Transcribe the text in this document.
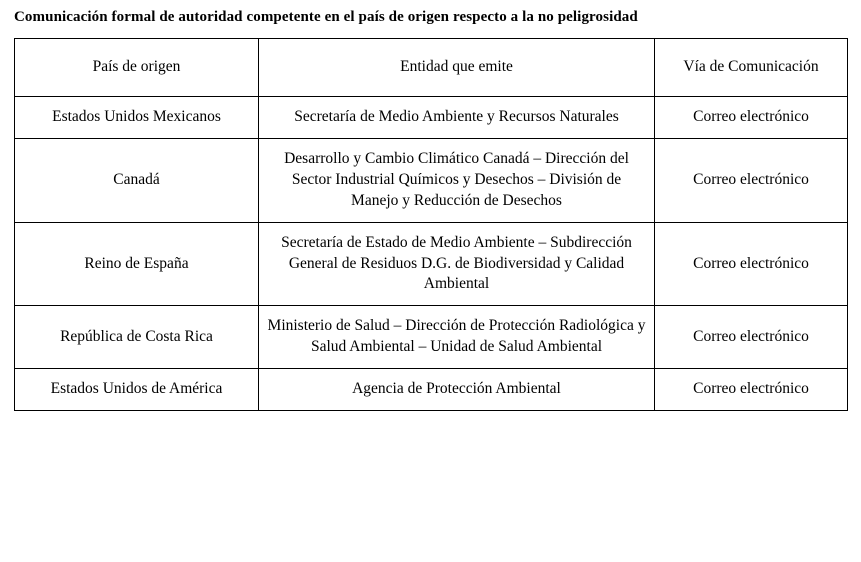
Comunicación formal de autoridad competente en el país de origen respecto a la no peligrosidad
País de origen	Entidad que emite	Vía de Comunicación
Estados Unidos Mexicanos	Secretaría de Medio Ambiente y Recursos Naturales	Correo electrónico
Canadá	Desarrollo y Cambio Climático Canadá – Dirección del Sector Industrial Químicos y Desechos – División de Manejo y Reducción de Desechos	Correo electrónico
Reino de España	Secretaría de Estado de Medio Ambiente – Subdirección General de Residuos D.G. de Biodiversidad y Calidad Ambiental	Correo electrónico
República de Costa Rica	Ministerio de Salud – Dirección de Protección Radiológica y Salud Ambiental – Unidad de Salud Ambiental	Correo electrónico
Estados Unidos de América	Agencia de Protección Ambiental	Correo electrónico
